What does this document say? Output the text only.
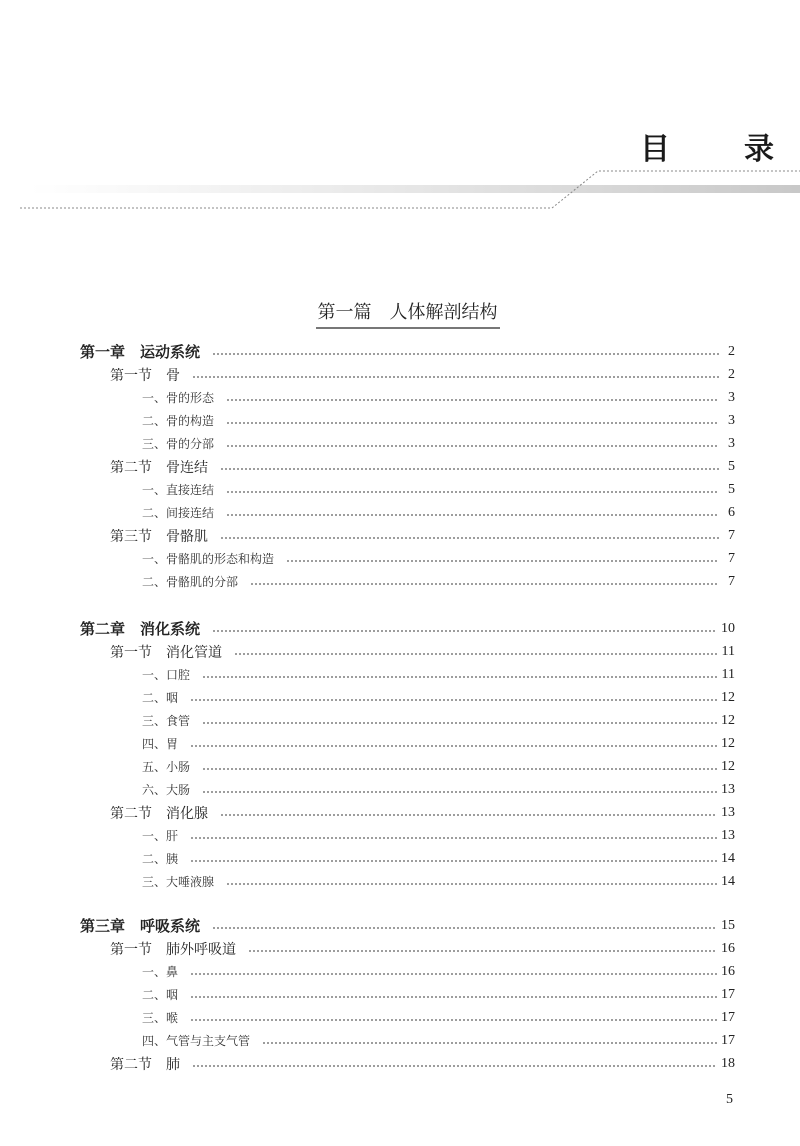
目　录
第一篇　人体解剖结构
第一章　运动系统	2
第一节　骨	2
一、骨的形态	3
二、骨的构造	3
三、骨的分部	3
第二节　骨连结	5
一、直接连结	5
二、间接连结	6
第三节　骨骼肌	7
一、骨骼肌的形态和构造	7
二、骨骼肌的分部	7
第二章　消化系统	10
第一节　消化管道	11
一、口腔	11
二、咽	12
三、食管	12
四、胃	12
五、小肠	12
六、大肠	13
第二节　消化腺	13
一、肝	13
二、胰	14
三、大唾液腺	14
第三章　呼吸系统	15
第一节　肺外呼吸道	16
一、鼻	16
二、咽	17
三、喉	17
四、气管与主支气管	17
第二节　肺	18
5
